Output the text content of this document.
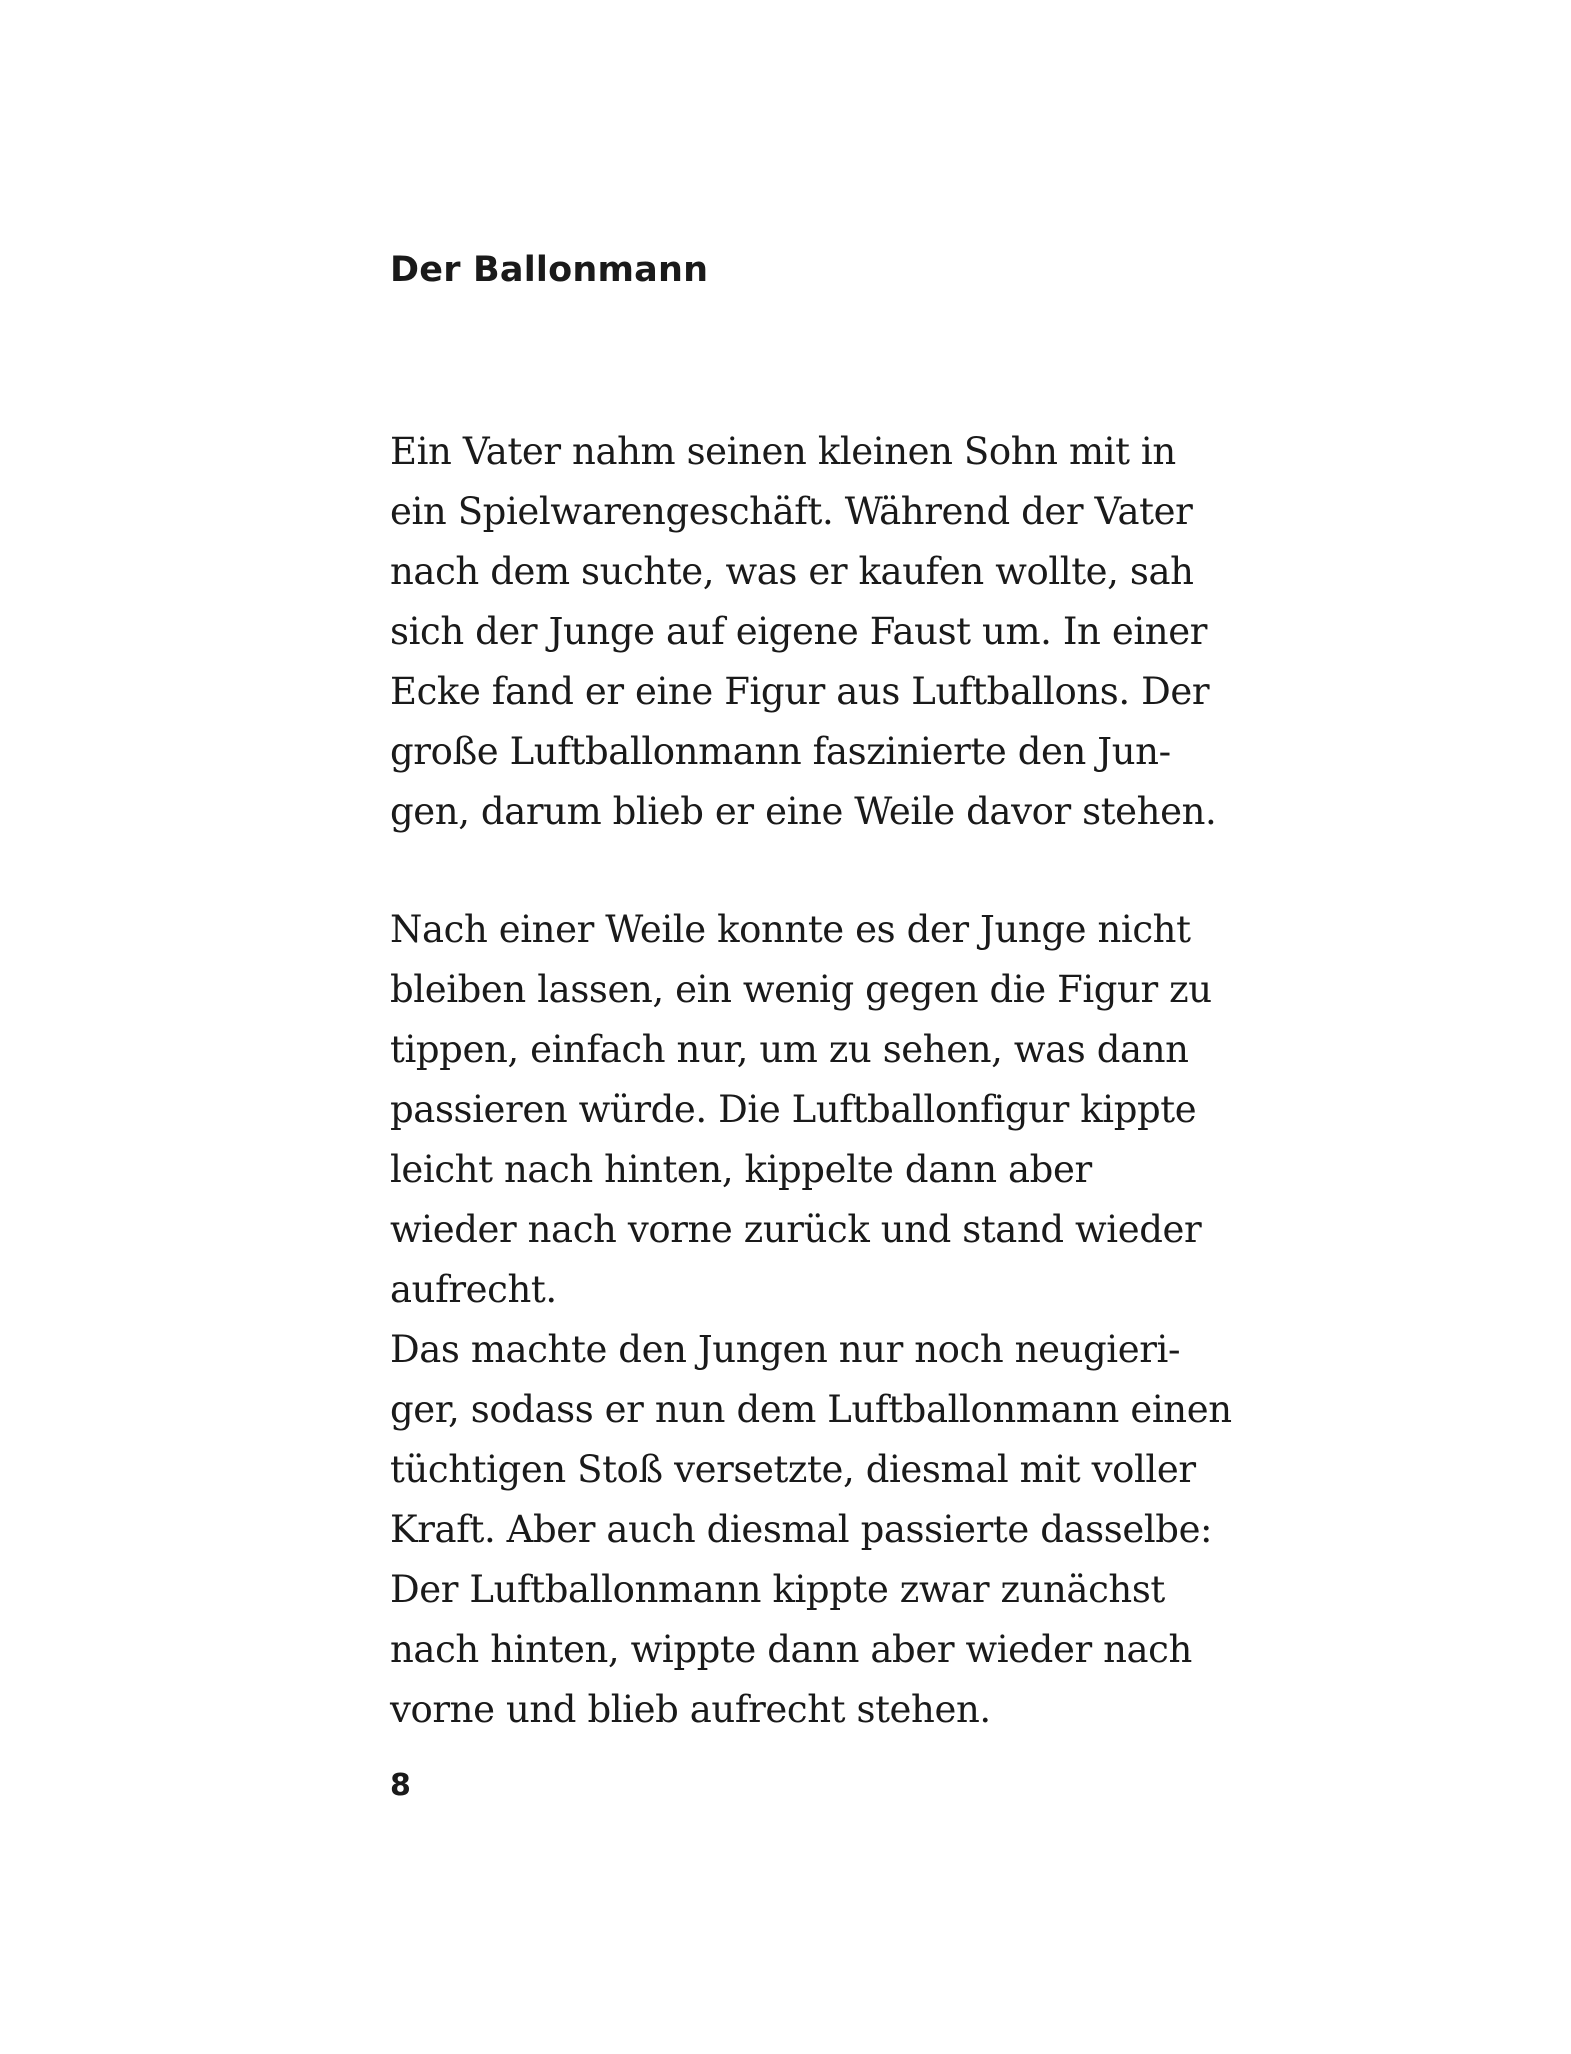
Der Ballonmann

Ein Vater nahm seinen kleinen Sohn mit in

ein Spielwarengeschäft. Während der Vater

nach dem suchte, was er kaufen wollte, sah

sich der Junge auf eigene Faust um. In einer

Ecke fand er eine Figur aus Luftballons. Der

große Luftballonmann faszinierte den Jun-

gen, darum blieb er eine Weile davor stehen.

Nach einer Weile konnte es der Junge nicht

bleiben lassen, ein wenig gegen die Figur zu

tippen, einfach nur, um zu sehen, was dann

passieren würde. Die Luftballonfigur kippte

leicht nach hinten, kippelte dann aber

wieder nach vorne zurück und stand wieder

aufrecht.

Das machte den Jungen nur noch neugieri-

ger, sodass er nun dem Luftballonmann einen

tüchtigen Stoß versetzte, diesmal mit voller

Kraft. Aber auch diesmal passierte dasselbe:

Der Luftballonmann kippte zwar zunächst

nach hinten, wippte dann aber wieder nach

vorne und blieb aufrecht stehen.

8
